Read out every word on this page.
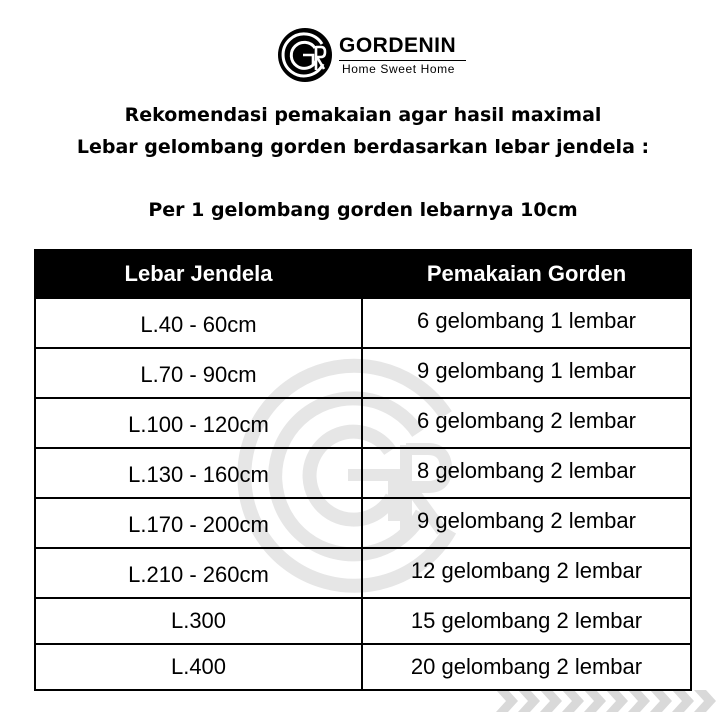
GORDENIN
Home Sweet Home
Rekomendasi pemakaian agar hasil maximal
Lebar gelombang gorden berdasarkan lebar jendela :
Per 1 gelombang gorden lebarnya 10cm
Lebar Jendela	Pemakaian Gorden
L.40 - 60cm	6 gelombang 1 lembar
L.70 - 90cm	9 gelombang 1 lembar
L.100 - 120cm	6 gelombang 2 lembar
L.130 - 160cm	8 gelombang 2 lembar
L.170 - 200cm	9 gelombang 2 lembar
L.210 - 260cm	12 gelombang 2 lembar
L.300	15 gelombang 2 lembar
L.400	20 gelombang 2 lembar
